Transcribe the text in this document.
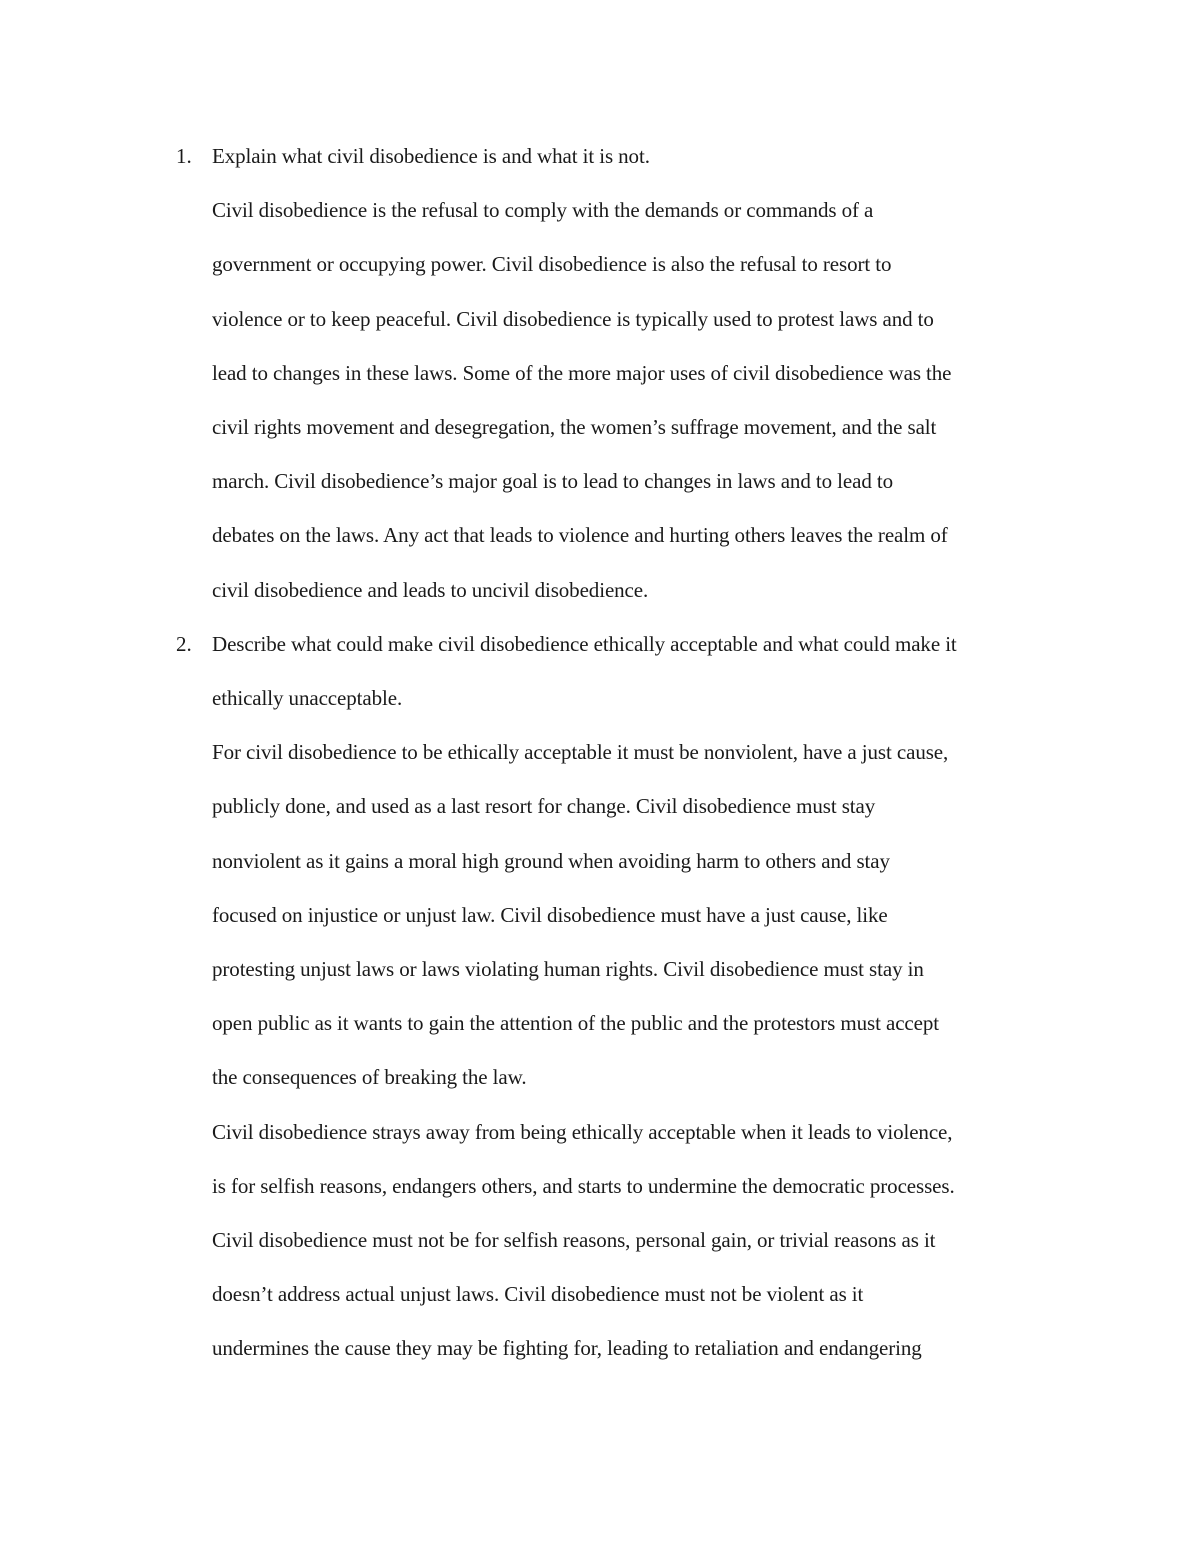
1. Explain what civil disobedience is and what it is not.
Civil disobedience is the refusal to comply with the demands or commands of a
government or occupying power. Civil disobedience is also the refusal to resort to
violence or to keep peaceful. Civil disobedience is typically used to protest laws and to
lead to changes in these laws. Some of the more major uses of civil disobedience was the
civil rights movement and desegregation, the women’s suffrage movement, and the salt
march. Civil disobedience’s major goal is to lead to changes in laws and to lead to
debates on the laws. Any act that leads to violence and hurting others leaves the realm of
civil disobedience and leads to uncivil disobedience.
2. Describe what could make civil disobedience ethically acceptable and what could make it
ethically unacceptable.
For civil disobedience to be ethically acceptable it must be nonviolent, have a just cause,
publicly done, and used as a last resort for change. Civil disobedience must stay
nonviolent as it gains a moral high ground when avoiding harm to others and stay
focused on injustice or unjust law. Civil disobedience must have a just cause, like
protesting unjust laws or laws violating human rights. Civil disobedience must stay in
open public as it wants to gain the attention of the public and the protestors must accept
the consequences of breaking the law.
Civil disobedience strays away from being ethically acceptable when it leads to violence,
is for selfish reasons, endangers others, and starts to undermine the democratic processes.
Civil disobedience must not be for selfish reasons, personal gain, or trivial reasons as it
doesn’t address actual unjust laws. Civil disobedience must not be violent as it
undermines the cause they may be fighting for, leading to retaliation and endangering
